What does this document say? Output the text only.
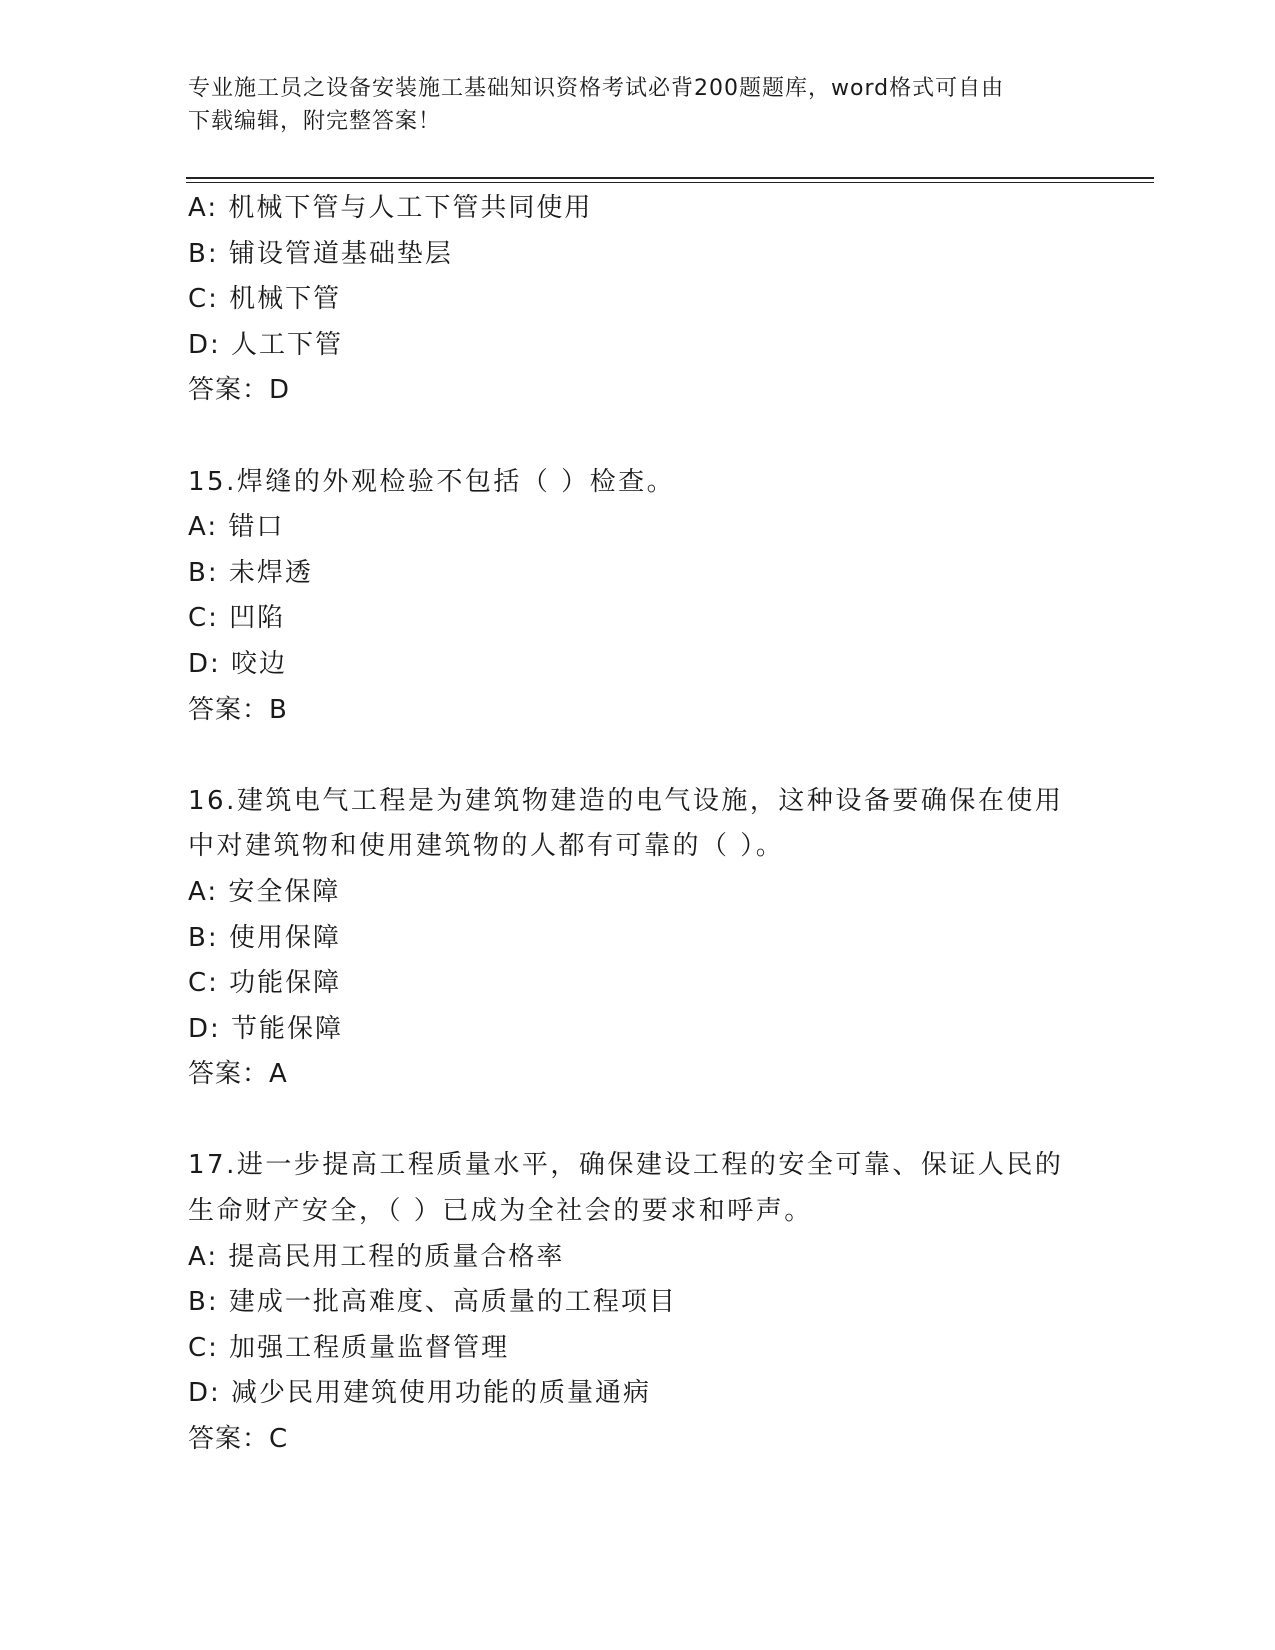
专业施工员之设备安装施工基础知识资格考试必背200题题库，word格式可自由
下载编辑，附完整答案！
A: 机械下管与人工下管共同使用
B: 铺设管道基础垫层
C: 机械下管
D: 人工下管
答案：D
15.焊缝的外观检验不包括（ ）检查。
A: 错口
B: 未焊透
C: 凹陷
D: 咬边
答案：B
16.建筑电气工程是为建筑物建造的电气设施，这种设备要确保在使用
中对建筑物和使用建筑物的人都有可靠的（ ）。
A: 安全保障
B: 使用保障
C: 功能保障
D: 节能保障
答案：A
17.进一步提高工程质量水平，确保建设工程的安全可靠、保证人民的
生命财产安全，（ ）已成为全社会的要求和呼声。
A: 提高民用工程的质量合格率
B: 建成一批高难度、高质量的工程项目
C: 加强工程质量监督管理
D: 减少民用建筑使用功能的质量通病
答案：C
